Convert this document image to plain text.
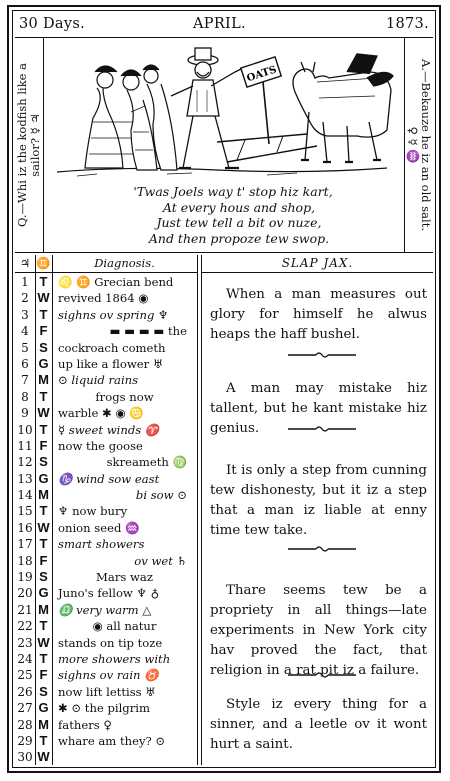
30 Days.	APRIL.	1873.
Q.—Whi iz the kodfish like a sailor? ☿ ♃
OATS
'Twas Joels way t' stop hiz kart,
At every hous and shop,
Just tew tell a bit ov nuze,
And then propoze tew swop.
A.—Bekauze he iz an old salt.
♀ ☿ ♒
♃
1
2
3
4
5
6
7
8
9
10
11
12
13
14
15
16
17
18
19
20
21
22
23
24
25
26
27
28
29
30
♊
T
W
T
F
S
G
M
T
W
T
F
S
G
M
T
W
T
F
S
G
M
T
W
T
F
S
G
M
T
W
Diagnosis.
♌ ♊ Grecian bend
revived 1864 ◉
sighns ov spring ♆
▬ ▬ ▬ ▬ the
cockroach cometh
up like a flower ♅
⊙ liquid rains
frogs now
warble ✱ ◉ ♋
☿ sweet winds ♈
now the goose
skreameth ♍
♑ wind sow east
bi sow ⊙
♆ now bury
onion seed ♒
smart showers
ov wet ♄
Mars waz
Juno's fellow ♆ ♁
♎ very warm △
◉ all natur
stands on tip toze
more showers with
sighns ov rain ♉
now lift lettiss ♅
✱ ⊙ the pilgrim
fathers ♀
whare am they? ⊙
SLAP JAX.

When a man measures out glory for himself he alwus heaps the haff bushel.

A man may mistake hiz tallent, but he kant mistake hiz genius.

It is only a step from cunning tew dishonesty, but it iz a step that a man iz liable at enny time tew take.

Thare seems tew be a propriety in all things—late experiments in New York city hav proved the fact, that religion in a rat pit iz a failure.

Style iz every thing for a sinner, and a leetle ov it wont hurt a saint.
